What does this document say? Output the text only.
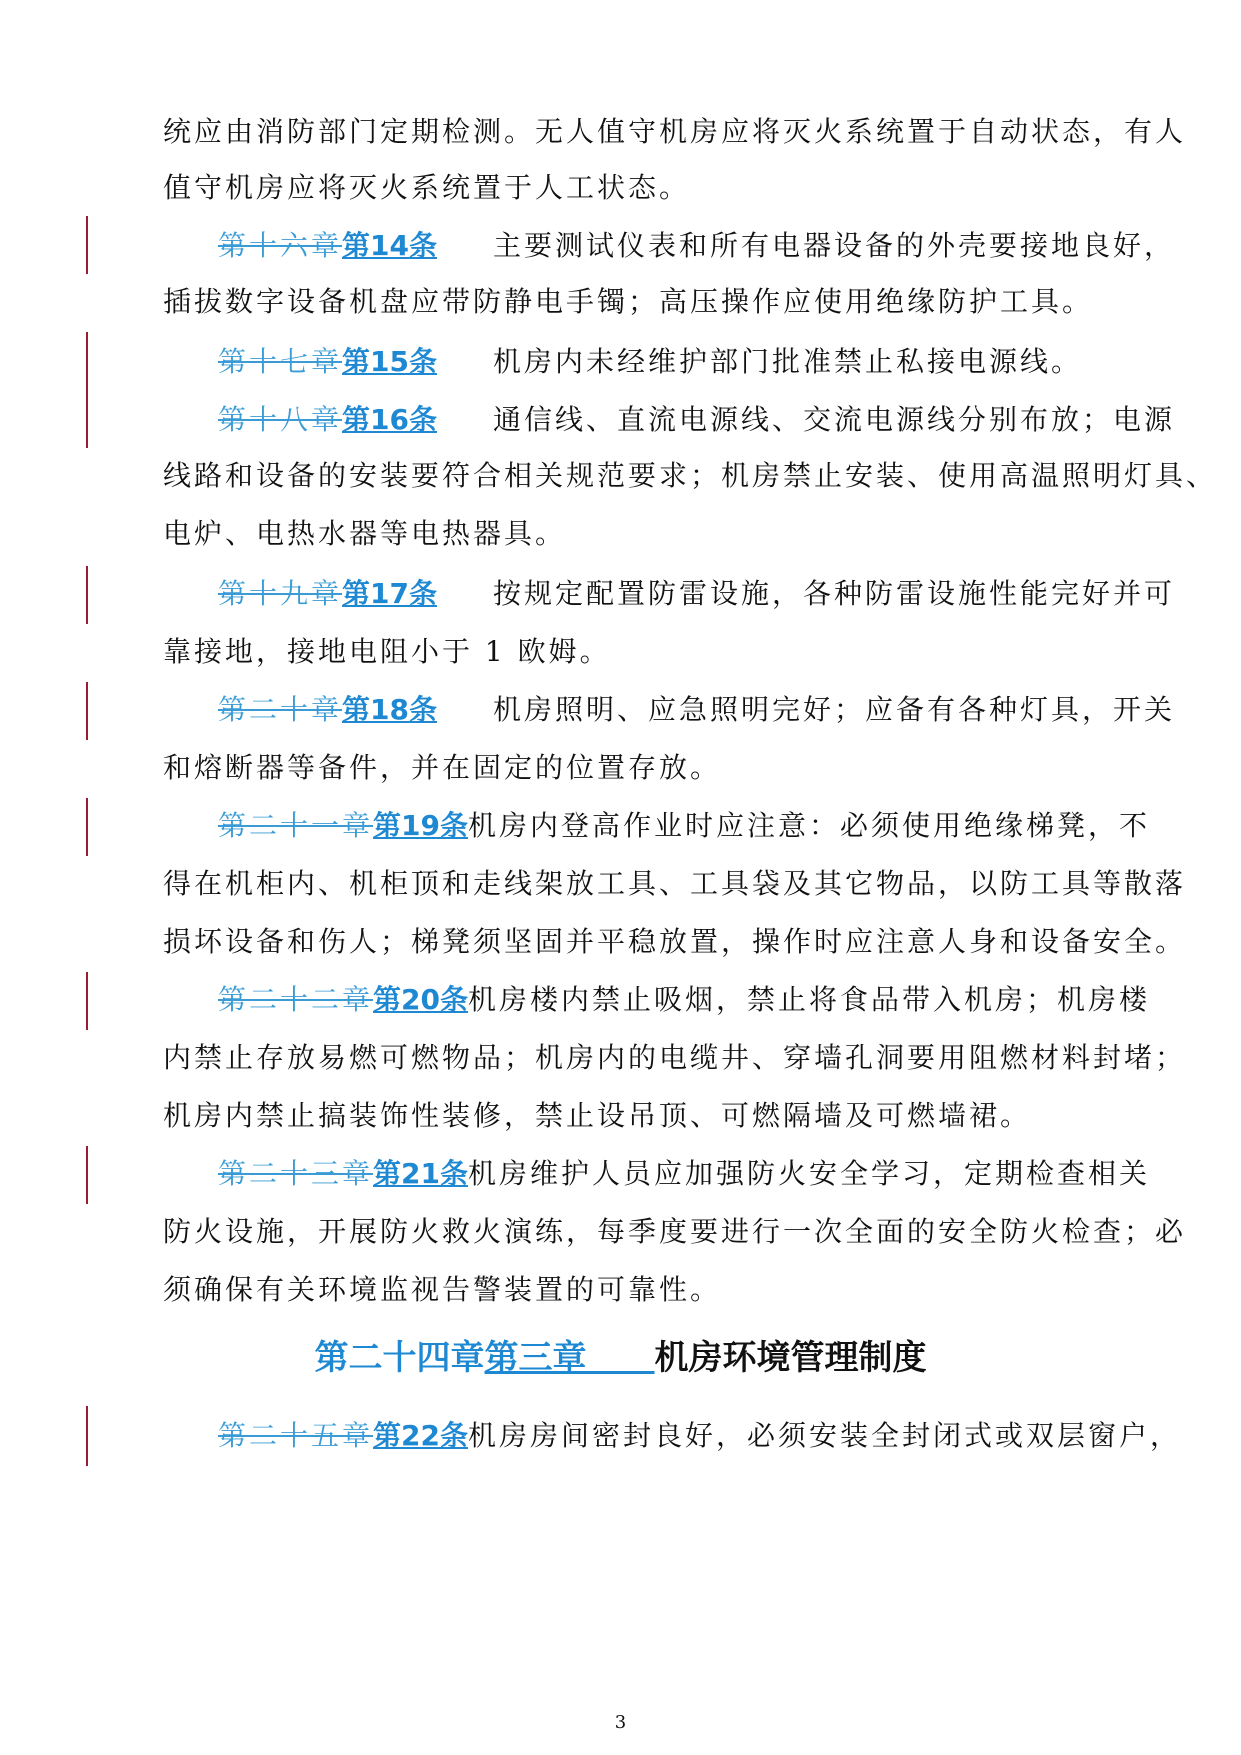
统应由消防部门定期检测。无人值守机房应将灭火系统置于自动状态，有人
值守机房应将灭火系统置于人工状态。
第十六章第14条   主要测试仪表和所有电器设备的外壳要接地良好，
插拔数字设备机盘应带防静电手镯；高压操作应使用绝缘防护工具。
第十七章第15条   机房内未经维护部门批准禁止私接电源线。
第十八章第16条   通信线、直流电源线、交流电源线分别布放；电源
线路和设备的安装要符合相关规范要求；机房禁止安装、使用高温照明灯具、
电炉、电热水器等电热器具。
第十九章第17条   按规定配置防雷设施，各种防雷设施性能完好并可
靠接地，接地电阻小于 1 欧姆。
第二十章第18条   机房照明、应急照明完好；应备有各种灯具，开关
和熔断器等备件，并在固定的位置存放。
第二十一章第19条机房内登高作业时应注意：必须使用绝缘梯凳，不
得在机柜内、机柜顶和走线架放工具、工具袋及其它物品，以防工具等散落
损坏设备和伤人；梯凳须坚固并平稳放置，操作时应注意人身和设备安全。
第二十二章第20条机房楼内禁止吸烟，禁止将食品带入机房；机房楼
内禁止存放易燃可燃物品；机房内的电缆井、穿墙孔洞要用阻燃材料封堵；
机房内禁止搞装饰性装修，禁止设吊顶、可燃隔墙及可燃墙裙。
第二十三章第21条机房维护人员应加强防火安全学习，定期检查相关
防火设施，开展防火救火演练，每季度要进行一次全面的安全防火检查；必
须确保有关环境监视告警装置的可靠性。
第二十四章第三章   机房环境管理制度
第二十五章第22条机房房间密封良好，必须安装全封闭式或双层窗户，
3
